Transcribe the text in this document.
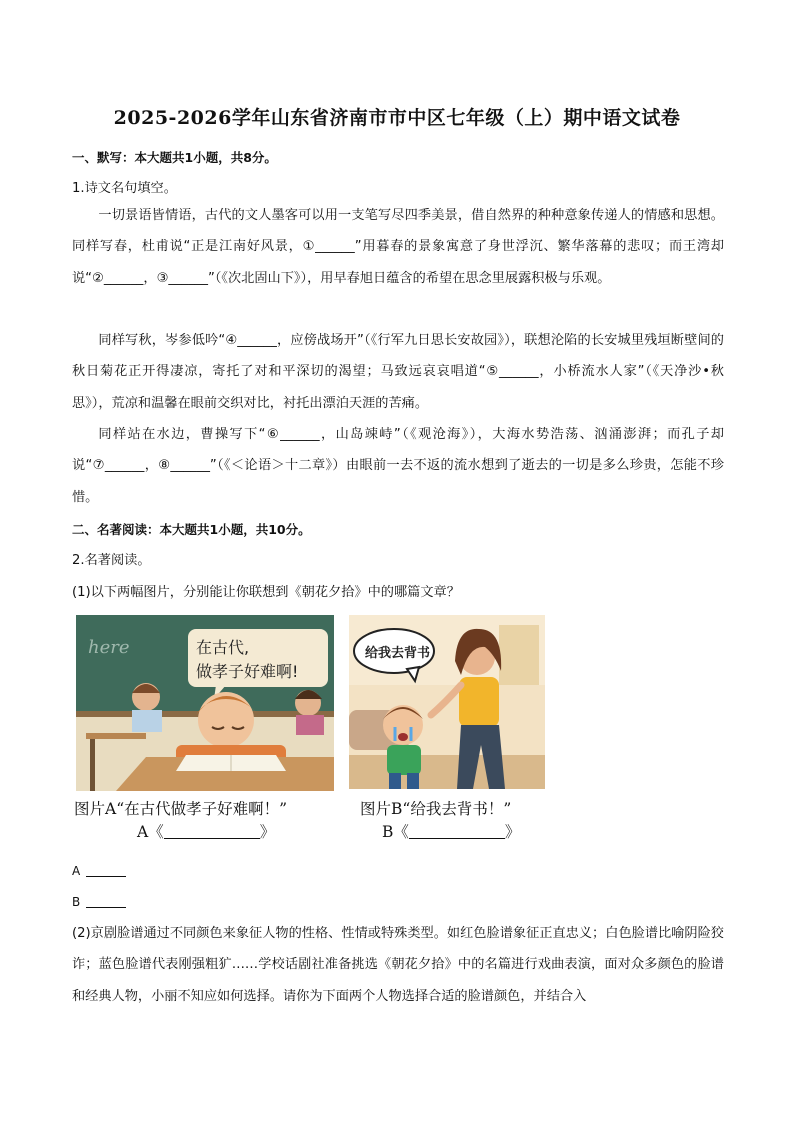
2025-2026学年山东省济南市市中区七年级（上）期中语文试卷
一、默写：本大题共1小题，共8分。
1.诗文名句填空。
一切景语皆情语，古代的文人墨客可以用一支笔写尽四季美景，借自然界的种种意象传递人的情感和思想。同样写春，杜甫说“正是江南好风景，①______”用暮春的景象寓意了身世浮沉、繁华落幕的悲叹；而王湾却说“②______，③______”（《次北固山下》），用早春旭日蕴含的希望在思念里展露积极与乐观。
同样写秋，岑参低吟“④______，应傍战场开”（《行军九日思长安故园》），联想沦陷的长安城里残垣断壁间的秋日菊花正开得凄凉，寄托了对和平深切的渴望；马致远哀哀唱道“⑤______，小桥流水人家”（《天净沙•秋思》），荒凉和温馨在眼前交织对比，衬托出漂泊天涯的苦痛。
同样站在水边，曹操写下“⑥______，山岛竦峙”（《观沧海》），大海水势浩荡、汹涌澎湃；而孔子却说“⑦______，⑧______”（《＜论语＞十二章》）由眼前一去不返的流水想到了逝去的一切是多么珍贵，怎能不珍惜。
二、名著阅读：本大题共1小题，共10分。
2.名著阅读。
(1)以下两幅图片，分别能让你联想到《朝花夕拾》中的哪篇文章？
here	在古代,
做孝子好难啊!
给我去背书
图片A“在古代做孝子好难啊！”	图片B“给我去背书！”
A《	》	B《	》
A
B
(2)京剧脸谱通过不同颜色来象征人物的性格、性情或特殊类型。如红色脸谱象征正直忠义；白色脸谱比喻阴险狡诈；蓝色脸谱代表刚强粗犷……学校话剧社准备挑选《朝花夕拾》中的名篇进行戏曲表演，面对众多颜色的脸谱和经典人物，小丽不知应如何选择。请你为下面两个人物选择合适的脸谱颜色，并结合入
